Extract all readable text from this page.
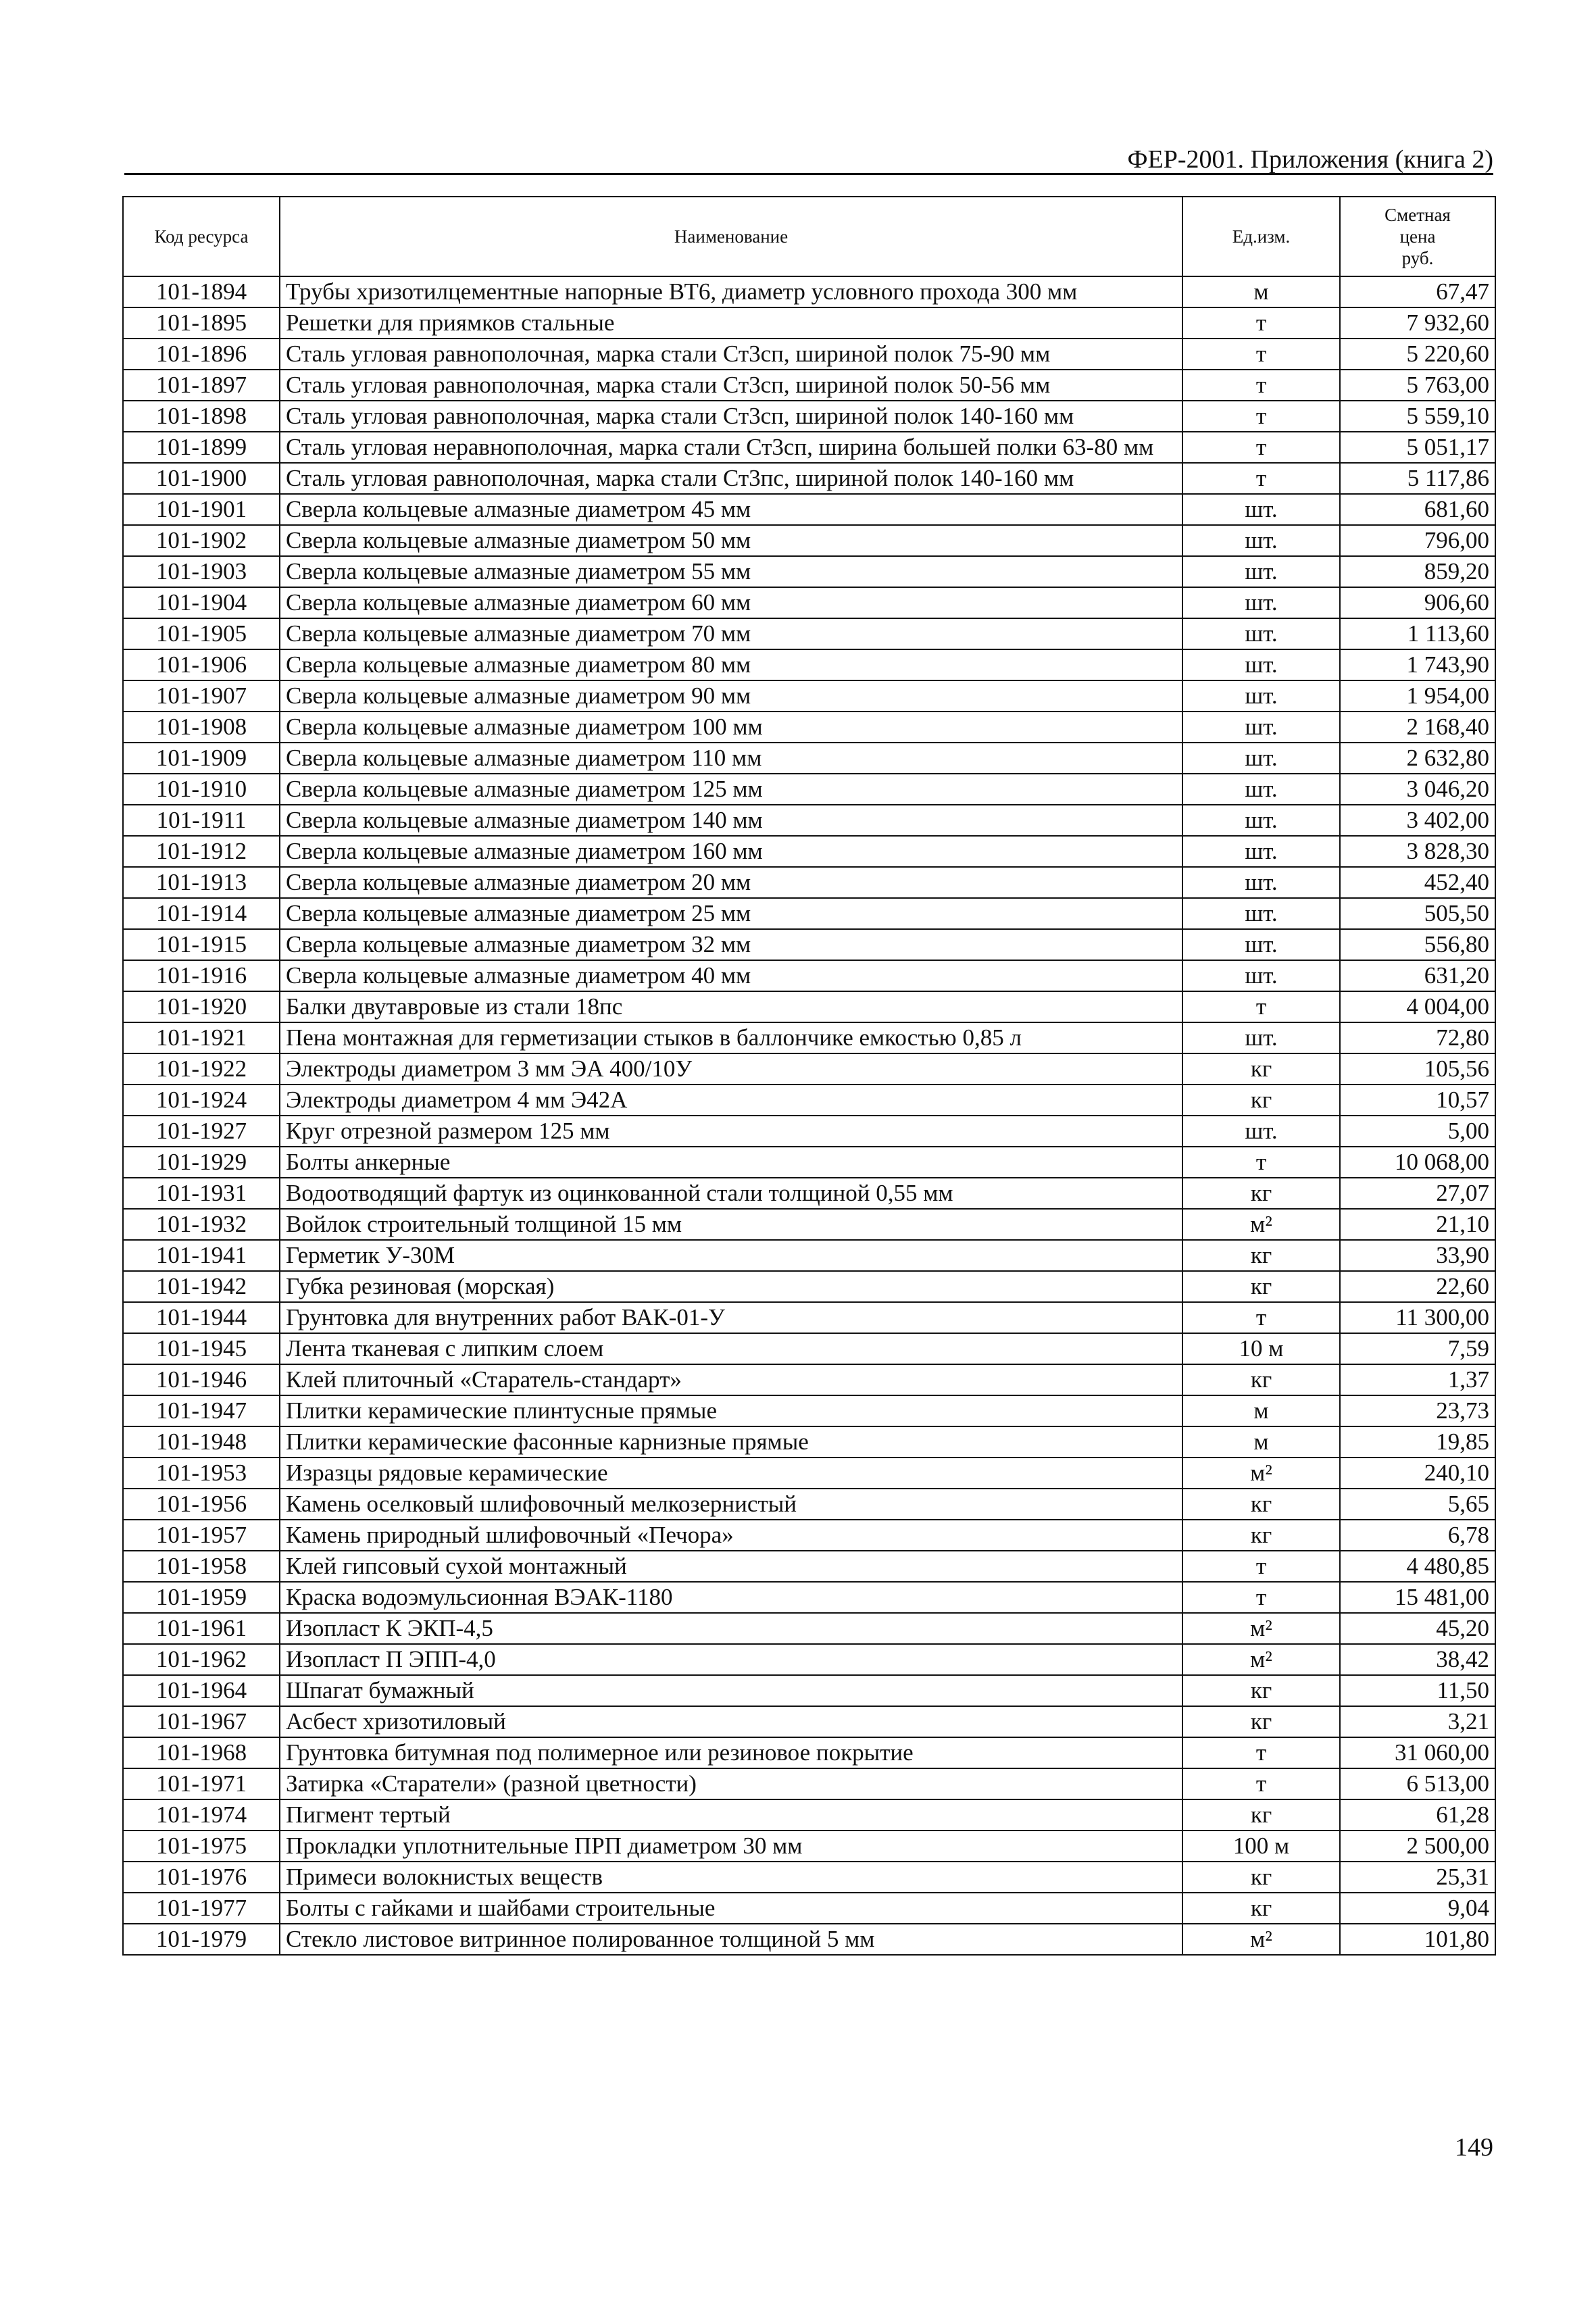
ФЕР-2001. Приложения (книга 2)
Код ресурса	Наименование	Ед.изм.	Сметная
цена
руб.
101-1894	Трубы хризотилцементные напорные ВТ6, диаметр условного прохода 300 мм	м	67,47
101-1895	Решетки для приямков стальные	т	7 932,60
101-1896	Сталь угловая равнополочная, марка стали Ст3сп, шириной полок 75-90 мм	т	5 220,60
101-1897	Сталь угловая равнополочная, марка стали Ст3сп, шириной полок 50-56 мм	т	5 763,00
101-1898	Сталь угловая равнополочная, марка стали Ст3сп, шириной полок 140-160 мм	т	5 559,10
101-1899	Сталь угловая неравнополочная, марка стали Ст3сп, ширина большей полки 63-80 мм	т	5 051,17
101-1900	Сталь угловая равнополочная, марка стали Ст3пс, шириной полок 140-160 мм	т	5 117,86
101-1901	Сверла кольцевые алмазные диаметром 45 мм	шт.	681,60
101-1902	Сверла кольцевые алмазные диаметром 50 мм	шт.	796,00
101-1903	Сверла кольцевые алмазные диаметром 55 мм	шт.	859,20
101-1904	Сверла кольцевые алмазные диаметром 60 мм	шт.	906,60
101-1905	Сверла кольцевые алмазные диаметром 70 мм	шт.	1 113,60
101-1906	Сверла кольцевые алмазные диаметром 80 мм	шт.	1 743,90
101-1907	Сверла кольцевые алмазные диаметром 90 мм	шт.	1 954,00
101-1908	Сверла кольцевые алмазные диаметром 100 мм	шт.	2 168,40
101-1909	Сверла кольцевые алмазные диаметром 110 мм	шт.	2 632,80
101-1910	Сверла кольцевые алмазные диаметром 125 мм	шт.	3 046,20
101-1911	Сверла кольцевые алмазные диаметром 140 мм	шт.	3 402,00
101-1912	Сверла кольцевые алмазные диаметром 160 мм	шт.	3 828,30
101-1913	Сверла кольцевые алмазные диаметром 20 мм	шт.	452,40
101-1914	Сверла кольцевые алмазные диаметром 25 мм	шт.	505,50
101-1915	Сверла кольцевые алмазные диаметром 32 мм	шт.	556,80
101-1916	Сверла кольцевые алмазные диаметром 40 мм	шт.	631,20
101-1920	Балки двутавровые из стали 18пс	т	4 004,00
101-1921	Пена монтажная для герметизации стыков в баллончике емкостью 0,85 л	шт.	72,80
101-1922	Электроды диаметром 3 мм ЭА 400/10У	кг	105,56
101-1924	Электроды диаметром 4 мм Э42А	кг	10,57
101-1927	Круг отрезной размером 125 мм	шт.	5,00
101-1929	Болты анкерные	т	10 068,00
101-1931	Водоотводящий фартук из оцинкованной стали толщиной 0,55 мм	кг	27,07
101-1932	Войлок строительный толщиной 15 мм	м²	21,10
101-1941	Герметик У-30М	кг	33,90
101-1942	Губка резиновая (морская)	кг	22,60
101-1944	Грунтовка для внутренних работ ВАК-01-У	т	11 300,00
101-1945	Лента тканевая с липким слоем	10 м	7,59
101-1946	Клей плиточный «Старатель-стандарт»	кг	1,37
101-1947	Плитки керамические плинтусные прямые	м	23,73
101-1948	Плитки керамические фасонные карнизные прямые	м	19,85
101-1953	Изразцы рядовые керамические	м²	240,10
101-1956	Камень оселковый шлифовочный мелкозернистый	кг	5,65
101-1957	Камень природный шлифовочный «Печора»	кг	6,78
101-1958	Клей гипсовый сухой монтажный	т	4 480,85
101-1959	Краска водоэмульсионная ВЭАК-1180	т	15 481,00
101-1961	Изопласт К ЭКП-4,5	м²	45,20
101-1962	Изопласт П ЭПП-4,0	м²	38,42
101-1964	Шпагат бумажный	кг	11,50
101-1967	Асбест хризотиловый	кг	3,21
101-1968	Грунтовка битумная под полимерное или резиновое покрытие	т	31 060,00
101-1971	Затирка «Старатели» (разной цветности)	т	6 513,00
101-1974	Пигмент тертый	кг	61,28
101-1975	Прокладки уплотнительные ПРП диаметром 30 мм	100 м	2 500,00
101-1976	Примеси волокнистых веществ	кг	25,31
101-1977	Болты с гайками и шайбами строительные	кг	9,04
101-1979	Стекло листовое витринное полированное толщиной 5 мм	м²	101,80
149
